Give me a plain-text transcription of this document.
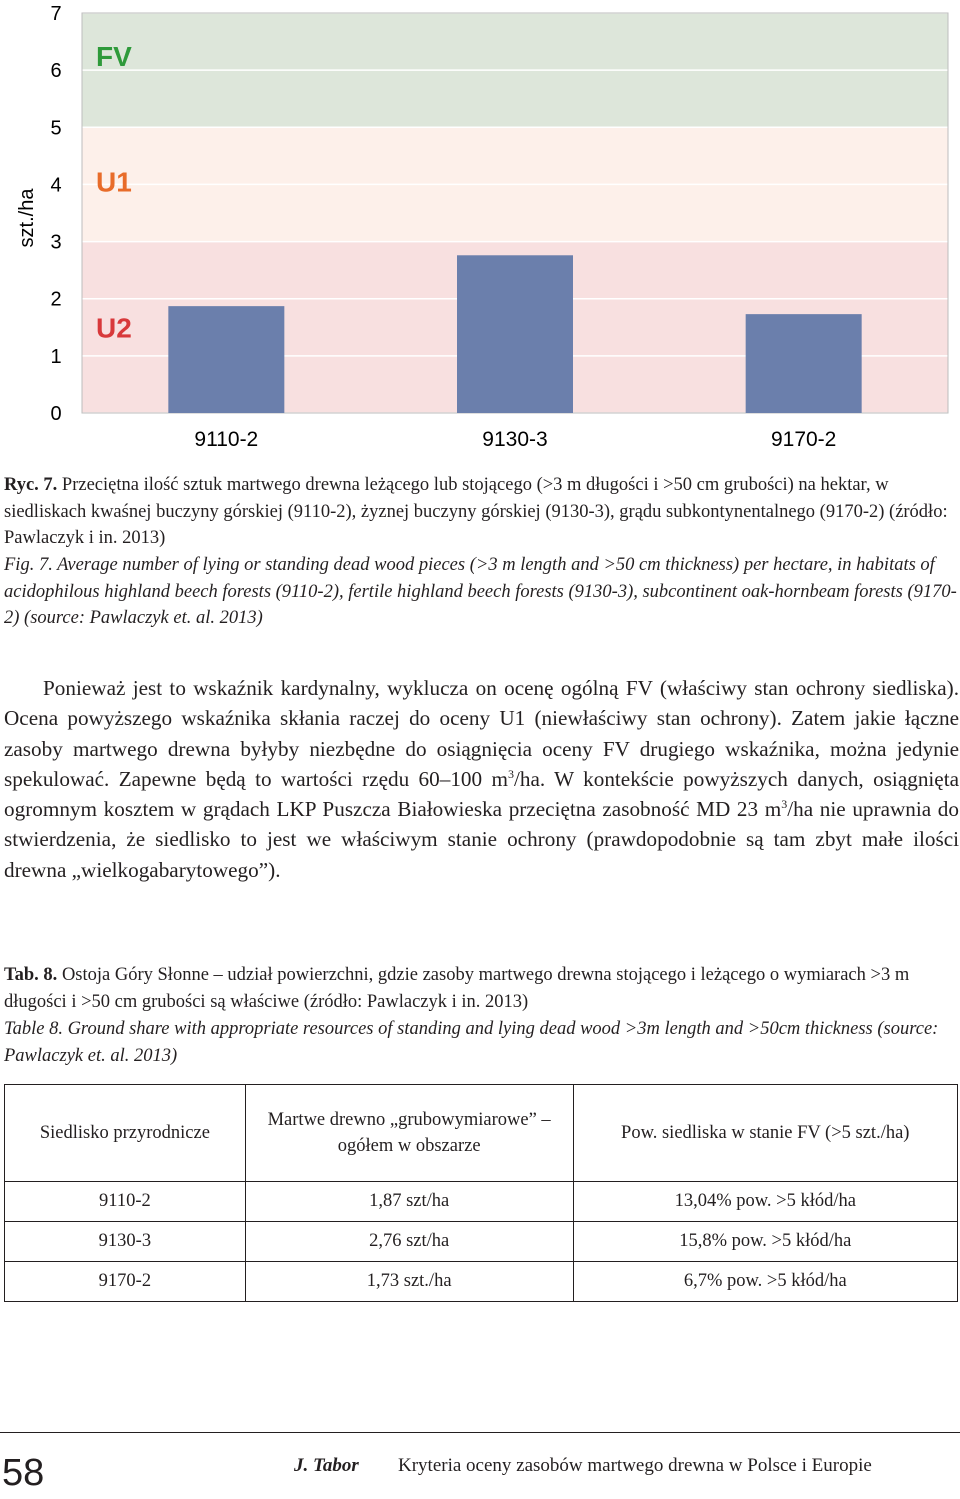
FV
U1
U2
9110-2	9130-3	9170-2
0
1
2
3
4
5
6
7
szt./ha
Ryc. 7. Przeciętna ilość sztuk martwego drewna leżącego lub stojącego (>3 m długości i >50 cm grubości) na hektar, w siedliskach kwaśnej buczyny górskiej (9110-2), żyznej buczyny górskiej (9130-3), grądu subkontynentalnego (9170-2) (źródło: Pawlaczyk i in. 2013)
Fig. 7. Average number of lying or standing dead wood pieces (>3 m length and >50 cm thickness) per hectare, in habitats of acidophilous highland beech forests (9110-2), fertile highland beech forests (9130-3), subcontinent oak-hornbeam forests (9170-2) (source: Pawlaczyk et. al. 2013)

Ponieważ jest to wskaźnik kardynalny, wyklucza on ocenę ogólną FV (właściwy stan ochrony siedliska). Ocena powyższego wskaźnika skłania raczej do oceny U1 (niewłaściwy stan ochrony). Zatem jakie łączne zasoby martwego drewna byłyby niezbędne do osiągnięcia oceny FV drugiego wskaźnika, można jedynie spekulować. Zapewne będą to wartości rzędu 60–100 $m^3/ha$. W kontekście powyższych danych, osiągnięta ogromnym kosztem w grądach LKP Puszcza Białowieska przeciętna zasobność MD 23 $m^3/ha$ nie uprawnia do stwierdzenia, że siedlisko to jest we właściwym stanie ochrony (prawdopodobnie są tam zbyt małe ilości drewna „wielkogabarytowego”).

Tab. 8. Ostoja Góry Słonne – udział powierzchni, gdzie zasoby martwego drewna stojącego i leżącego o wymiarach >3 m długości i >50 cm grubości są właściwe (źródło: Pawlaczyk i in. 2013)
Table 8. Ground share with appropriate resources of standing and lying dead wood >3m length and >50cm thickness (source: Pawlaczyk et. al. 2013)
Siedlisko przyrodnicze	Martwe drewno „grubowymiarowe” – ogółem w obszarze	Pow. siedliska w stanie FV (>5 szt./ha)
9110-2	1,87 szt/ha	13,04% pow. >5 kłód/ha
9130-3	2,76 szt/ha	15,8% pow. >5 kłód/ha
9170-2	1,73 szt./ha	6,7% pow. >5 kłód/ha
58	J. Tabor Kryteria oceny zasobów martwego drewna w Polsce i Europie
